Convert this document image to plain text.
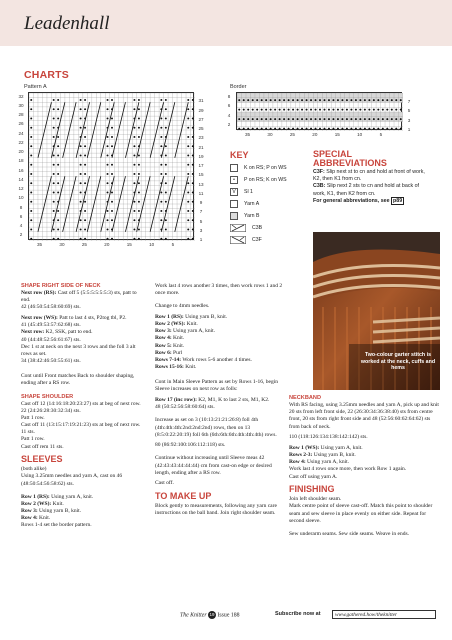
Leadenhall
CHARTS
Pattern A	Border
32
30
28
26
24
22
20
18
16
14
12
10
8
6
4
2
31
29
27
25
23
21
19
17
15
13
11
9
7
5
3
1
35	30	25	20	15	10	5
8
6
4
2
7
5
3
1
35	30	25	20	15	10	5
KEY
K on RS; P on WS
•	P on RS; K on WS
V	Sl 1
Yarn A
Yarn B
C3B
C3F
SPECIAL
ABBREVIATIONS
C3F: Slip next st to cn and hold at front of work, K2, then K1 from cn.
C3B: Slip next 2 sts to cn and hold at back of work, K1, then K2 from cn.
For general abbreviations, see p89
Two-colour garter stitch is worked at the neck, cuffs and hems
SHAPE RIGHT SIDE OF NECK

Next row (RS): Cast off 5 (5:5:5:5:5:5:3) sts, patt to end.
42 (46:50:54:58:60:69) sts.

Next row (WS): Patt to last 4 sts, P2tog tbl, P2.
41 (45:49:53:57:62:68) sts.
Next row: K2, SSK, patt to end.
40 (44:48:52:56:61:67) sts.
Dec 1 st at neck on the next 3 rows and the foll 3 alt rows as set.
34 (38:42:46:50:55:61) sts.

Cont until Front matches Back to shoulder shaping, ending after a RS row.

SHAPE SHOULDER

Cast off 12 (14:16:18:20:23:27) sts at beg of next row.
22 (24:26:28:30:32:34) sts.
Patt 1 row.
Cast off 11 (13:15:17:19:21:23) sts at beg of next row. 11 sts.
Patt 1 row.
Cast off rem 11 sts.

SLEEVES

(both alike)
Using 3.25mm needles and yarn A, cast on 46 (48:50:54:56:58:62) sts.

Row 1 (RS): Using yarn A, knit.
Row 2 (WS): Knit.
Row 3: Using yarn B, knit.
Row 4: Knit.
Rows 1-4 set the border pattern.

Work last 4 rows another 3 times, then work rows 1 and 2 once more.

Change to 4mm needles.

Row 1 (RS): Using yarn B, knit.
Row 2 (WS): Knit.
Row 3: Using yarn A, knit.
Row 4: Knit.
Row 5: Knit.
Row 6: Purl
Rows 7-14: Work rows 5-6 another 4 times.
Rows 15-16: Knit.

Cont in Main Sleeve Pattern as set by Rows 1-16, begin Sleeve increases on next row as folls:

Row 17 (inc row): K2, M1, K to last 2 sts, M1, K2.
48 (50:52:56:58:60:64) sts.

Increase as set on 3 (10:13:21:21:26:8) foll 4th (4th:4th:4th:2nd:2nd:2nd) rows, then on 13 (8:5:0:22:20:19) foll 6th (6th:6th:6th:4th:4th:4th) rows.

80 (86:92:100:106:112:118) sts.

Continue without increasing until Sleeve meas 42 (42:43:43:44:44:44) cm from cast-on edge or desired length, ending after a RS row.

Cast off.

TO MAKE UP

Block gently to measurements, following any yarn care instructions on the ball band. Join right shoulder seam.

NECKBAND

With RS facing, using 3.25mm needles and yarn A, pick up and knit 20 sts from left front side, 22 (26:30:34:36:38:40) sts from centre front, 20 sts from right front side and 48 (52:56:60:62:64:62) sts from back of neck.

110 (118:126:134:138:142:142) sts.

Row 1 (WS): Using yarn A, knit.
Rows 2-3: Using yarn B, knit.
Row 4: Using yarn A, knit.
Work last 4 rows once more, then work Row 1 again.
Cast off using yarn A.

FINISHING

Join left shoulder seam.
Mark centre point of sleeve cast-off. Match this point to shoulder seam and sew sleeve in place evenly on either side. Repeat for second sleeve.

Sew underarm seams. Sew side seams. Weave in ends.

The Knitter 19 Issue 188	Subscribe now at	www.gathered.how/theknitter
